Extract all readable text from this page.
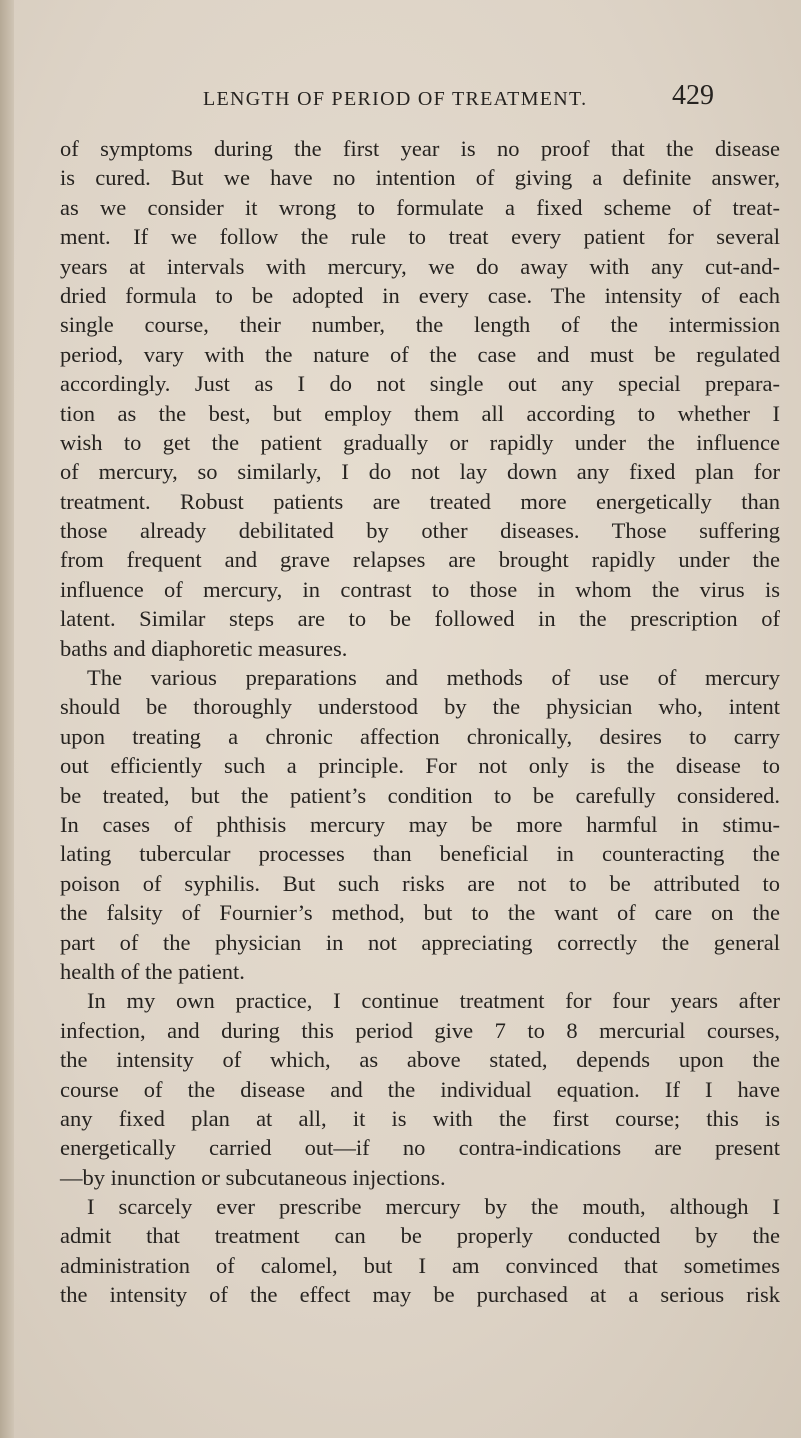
LENGTH OF PERIOD OF TREATMENT.	429
of symptoms during the first year is no proof that the disease
is cured. But we have no intention of giving a definite answer,
as we consider it wrong to formulate a fixed scheme of treat-
ment. If we follow the rule to treat every patient for several
years at intervals with mercury, we do away with any cut-and-
dried formula to be adopted in every case. The intensity of each
single course, their number, the length of the intermission
period, vary with the nature of the case and must be regulated
accordingly. Just as I do not single out any special prepara-
tion as the best, but employ them all according to whether I
wish to get the patient gradually or rapidly under the influence
of mercury, so similarly, I do not lay down any fixed plan for
treatment. Robust patients are treated more energetically than
those already debilitated by other diseases. Those suffering
from frequent and grave relapses are brought rapidly under the
influence of mercury, in contrast to those in whom the virus is
latent. Similar steps are to be followed in the prescription of
baths and diaphoretic measures.
The various preparations and methods of use of mercury
should be thoroughly understood by the physician who, intent
upon treating a chronic affection chronically, desires to carry
out efficiently such a principle. For not only is the disease to
be treated, but the patient’s condition to be carefully considered.
In cases of phthisis mercury may be more harmful in stimu-
lating tubercular processes than beneficial in counteracting the
poison of syphilis. But such risks are not to be attributed to
the falsity of Fournier’s method, but to the want of care on the
part of the physician in not appreciating correctly the general
health of the patient.
In my own practice, I continue treatment for four years after
infection, and during this period give 7 to 8 mercurial courses,
the intensity of which, as above stated, depends upon the
course of the disease and the individual equation. If I have
any fixed plan at all, it is with the first course; this is
energetically carried out—if no contra-indications are present
—by inunction or subcutaneous injections.
I scarcely ever prescribe mercury by the mouth, although I
admit that treatment can be properly conducted by the
administration of calomel, but I am convinced that sometimes
the intensity of the effect may be purchased at a serious risk
